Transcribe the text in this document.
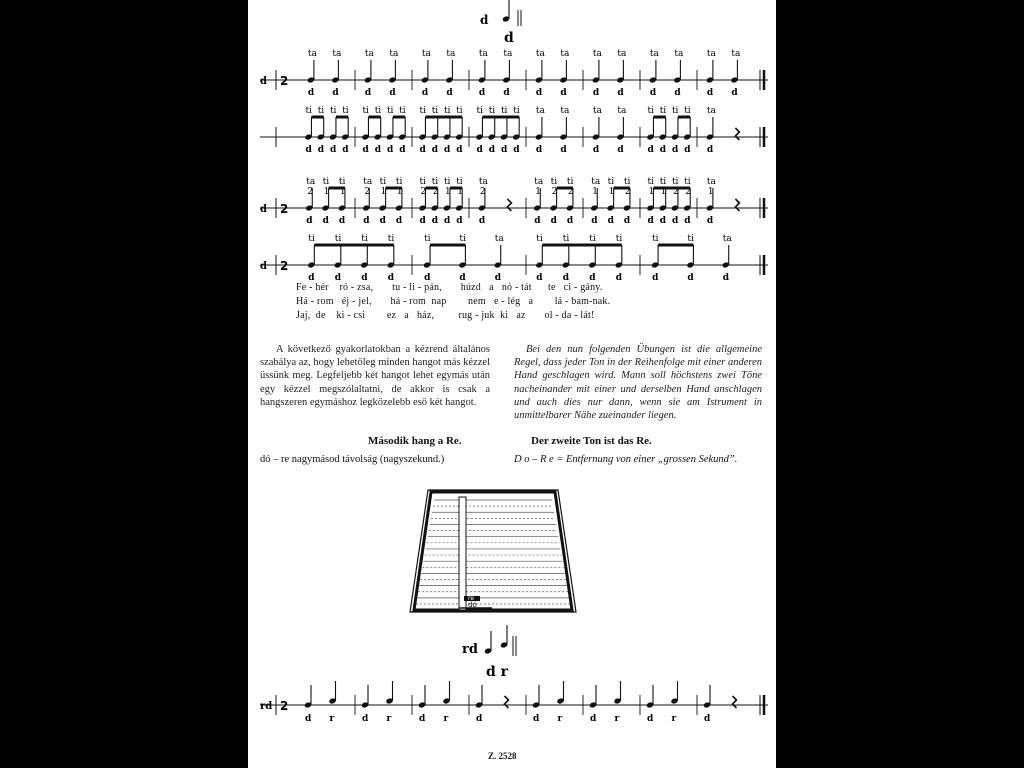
d
d
d 2
ta
d
ta
d
ta
d
ta
d
ta
d
ta
d
ta
d
ta
d
ta
d
ta
d
ta
d
ta
d
ta
d
ta
d
ta
d
ta
d
ti
d
ti
d
ti
d
ti
d
ti
d
ti
d
ti
d
ti
d
ti
d
ti
d
ti
d
ti
d
ti
d
ti
d
ti
d
ti
d
ta
d
ta
d
ta
d
ta
d
ti
d
ti
d
ti
d
ti
d
ta
d
d 2
ta
2
d
ti
1
d
ti
1
d
ta
2
d
ti
1
d
ti
1
d
ti
2
d
ti
2
d
ti
1
d
ti
1
d
ta
2
d
ta
1
d
ti
2
d
ti
2
d
ta
1
d
ti
1
d
ti
2
d
ti
1
d
ti
1
d
ti
2
d
ti
2
d
ta
1
d
d 2
ti
d
ti
d
ti
d
ti
d
ti
d
ti
d
ta
d
ti
d
ti
d
ti
d
ti
d
ti
d
ti
d
ta
d
re
dó
rd
d r
rd 2
d r	d r	d r	d	d r	d r	d r	d
A következő gyakorlatokban a kézrend általános szabálya az, hogy lehetőleg minden hangot más kézzel üssünk meg. Legfeljebb két hangot lehet egymás után egy kézzel megszólaltatni, de akkor is csak a hangszeren egymáshoz legközelebb eső két hangot.
Bei den nun folgenden Übungen ist die allgemeine Regel, dass jeder Ton in der Reihenfolge mit einer anderen Hand geschlagen wird. Mann soll höchstens zwei Töne nacheinander mit einer und derselben Hand anschlagen und auch dies nur dann, wenn sie am Istrument in unmittelbarer Nähe zueinander liegen.
Második hang a Re.	Der zweite Ton ist das Re.
dó – re nagymásod távolság (nagyszekund.)	D o – R e = Entfernung von einer „grossen Sekund”.
Fe - hér    ró - zsa,       tu - li - pán,       húzd   a   nó - tát      te   ci - gány.
Há - rom   éj - jel,       há - rom  nap        nem   e - lég   a        lá - bam-nak.
Jaj,  de    ki - csi        ez   a   ház,         rug - juk  ki   az       ol - da - lát!
Z. 2528
